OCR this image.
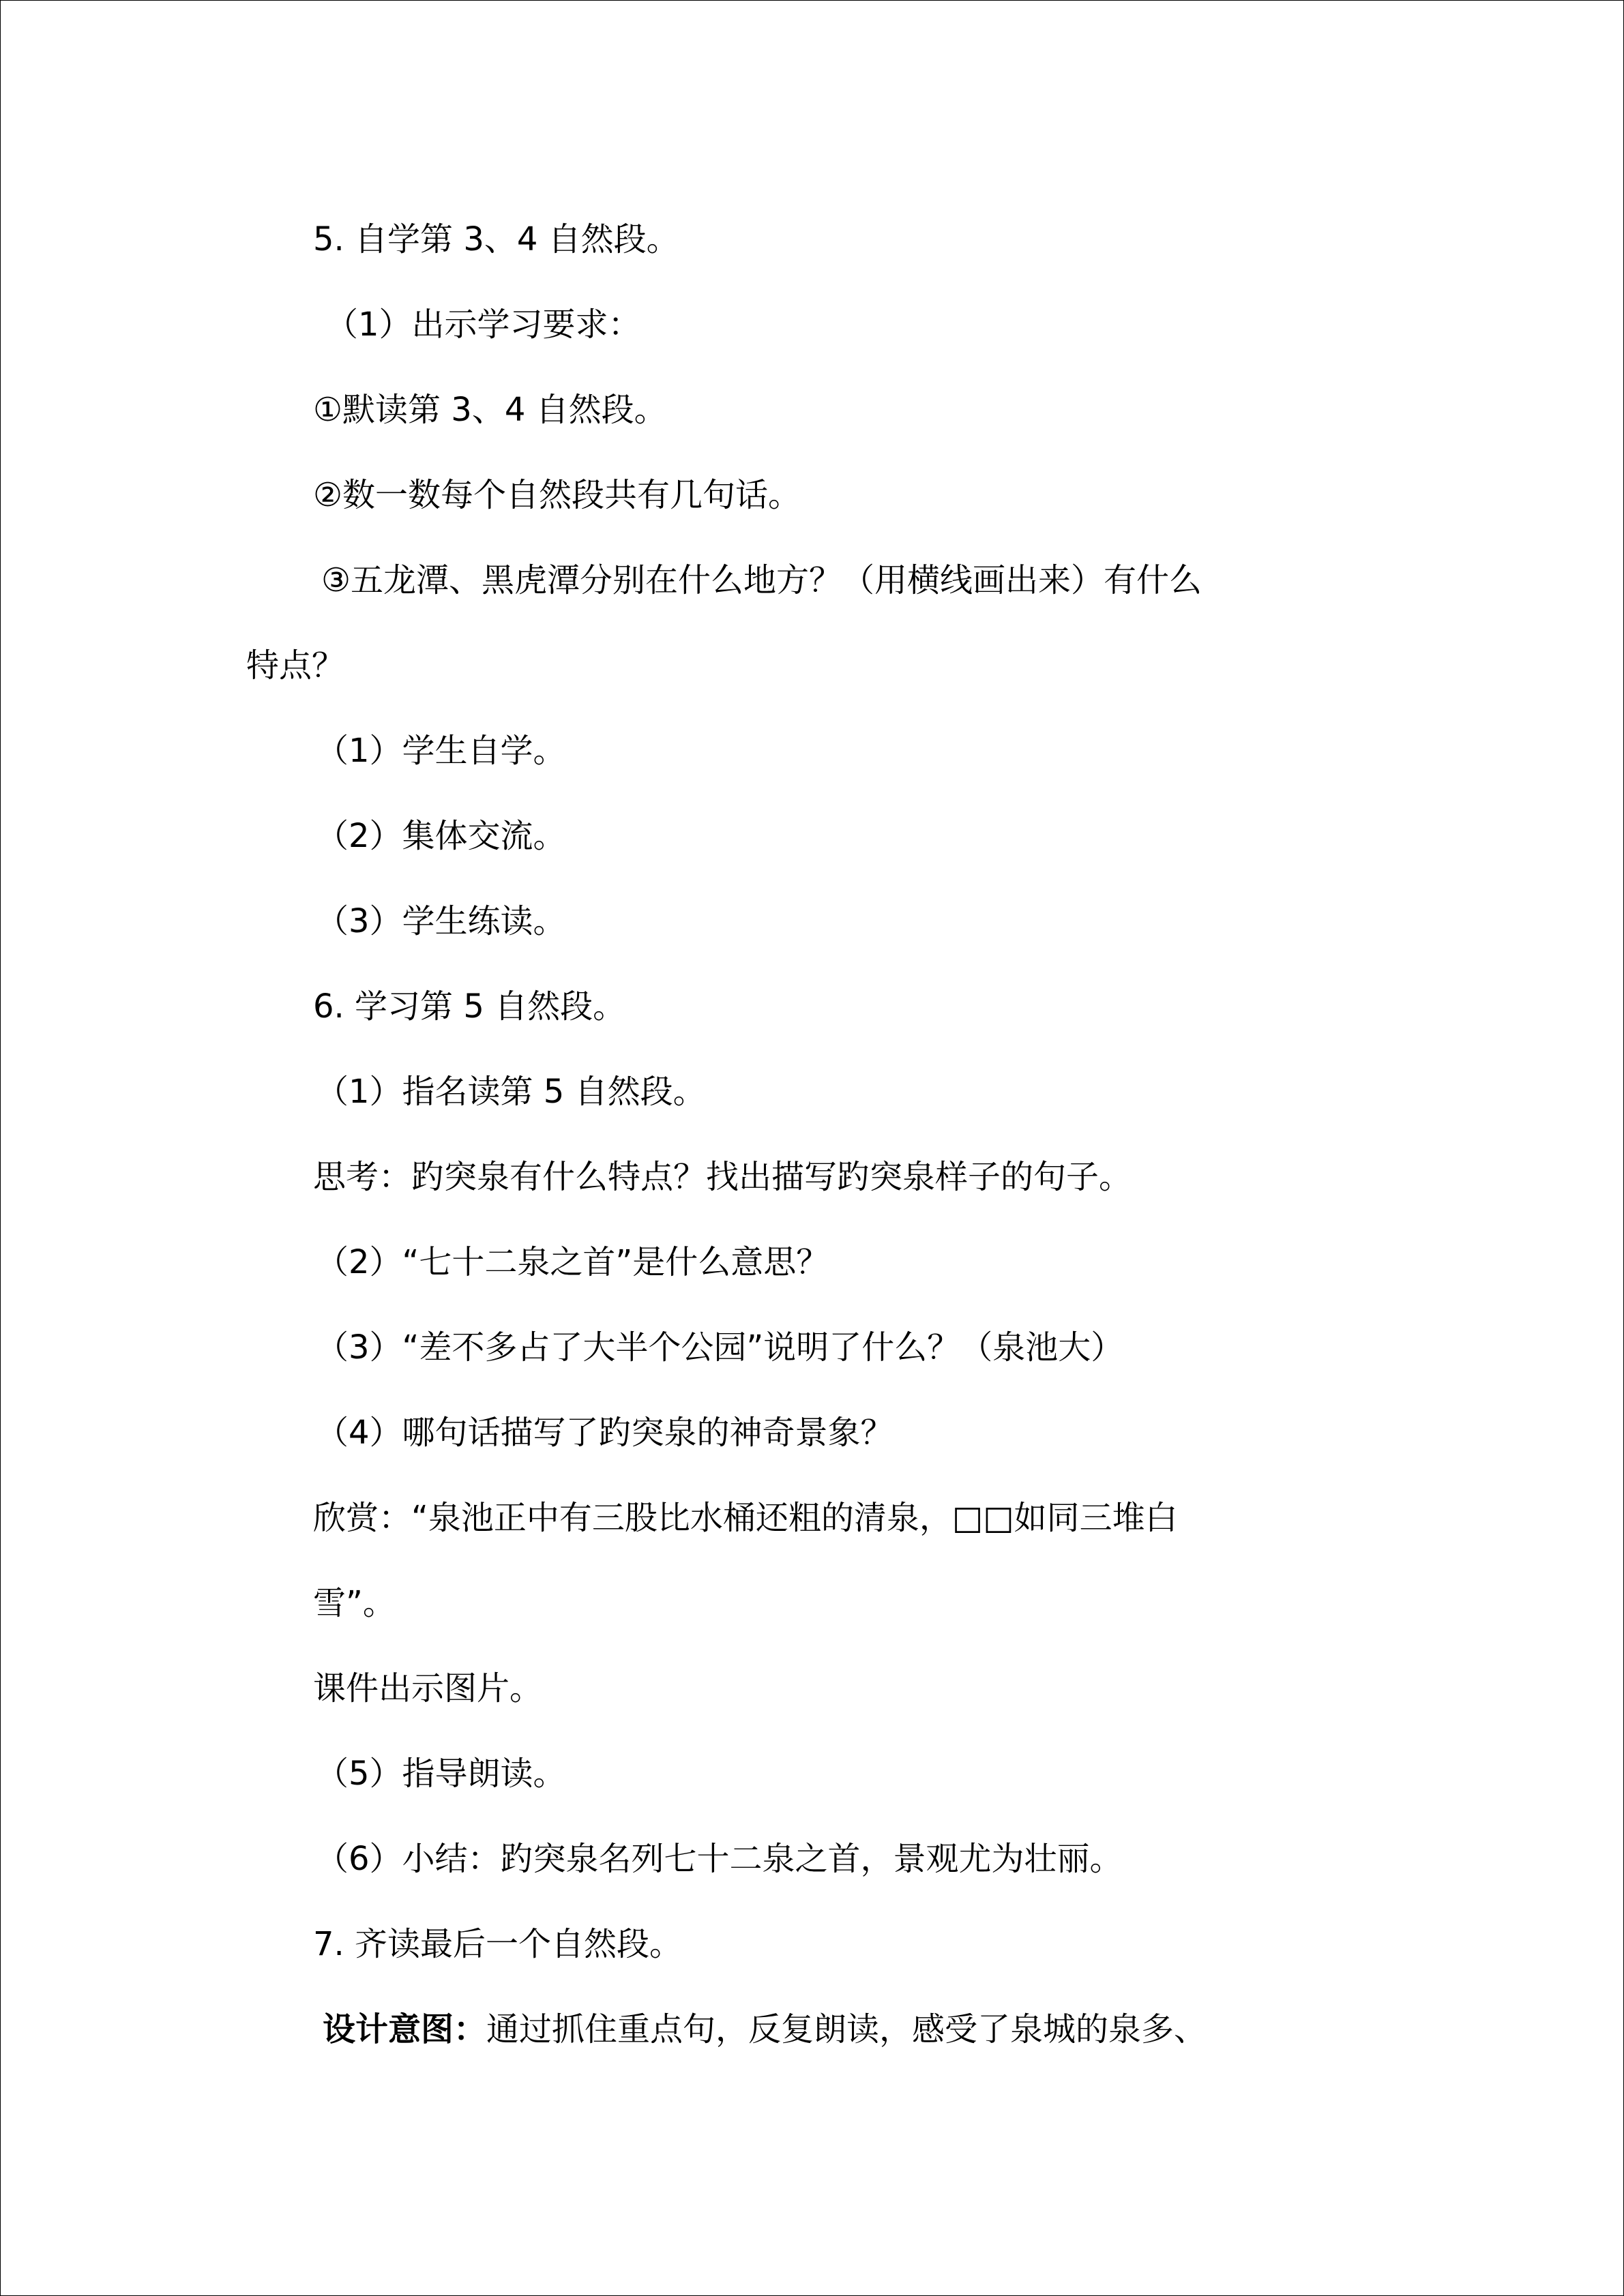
5. 自学第 3、4 自然段。

（1）出示学习要求：

①默读第 3、4 自然段。

②数一数每个自然段共有几句话。

③五龙潭、黑虎潭分别在什么地方？（用横线画出来）有什么

特点？

（1）学生自学。

（2）集体交流。

（3）学生练读。

6. 学习第 5 自然段。

（1）指名读第 5 自然段。

思考：趵突泉有什么特点？找出描写趵突泉样子的句子。

（2）“七十二泉之首”是什么意思？

（3）“差不多占了大半个公园”说明了什么？（泉池大）

（4）哪句话描写了趵突泉的神奇景象？

欣赏：“泉池正中有三股比水桶还粗的清泉，□□如同三堆白

雪”。

课件出示图片。

（5）指导朗读。

（6）小结：趵突泉名列七十二泉之首，景观尤为壮丽。

7. 齐读最后一个自然段。

设计意图：通过抓住重点句，反复朗读，感受了泉城的泉多、
